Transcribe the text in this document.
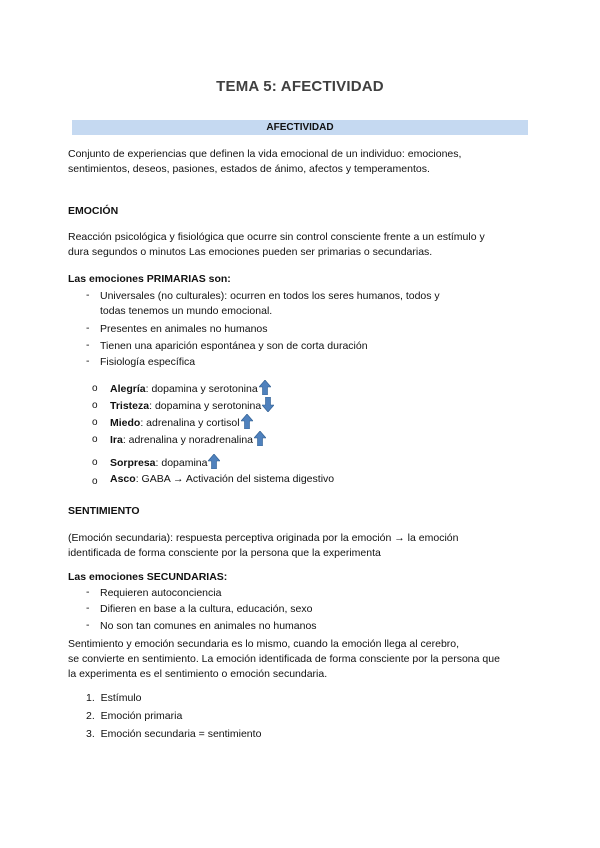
TEMA 5: AFECTIVIDAD
AFECTIVIDAD
Conjunto de experiencias que definen la vida emocional de un individuo: emociones,
sentimientos, deseos, pasiones, estados de ánimo, afectos y temperamentos.
EMOCIÓN
Reacción psicológica y fisiológica que ocurre sin control consciente frente a un estímulo y
dura segundos o minutos Las emociones pueden ser primarias o secundarias.
Las emociones PRIMARIAS son:
- Universales (no culturales): ocurren en todos los seres humanos, todos y
todas tenemos un mundo emocional.
- Presentes en animales no humanos
- Tienen una aparición espontánea y son de corta duración
- Fisiología específica
o Alegría: dopamina y serotonina
o Tristeza: dopamina y serotonina
o Miedo: adrenalina y cortisol
o Ira: adrenalina y noradrenalina
o Sorpresa: dopamina
o Asco: GABA → Activación del sistema digestivo
SENTIMIENTO
(Emoción secundaria): respuesta perceptiva originada por la emoción → la emoción
identificada de forma consciente por la persona que la experimenta
Las emociones SECUNDARIAS:
- Requieren autoconciencia
- Difieren en base a la cultura, educación, sexo
- No son tan comunes en animales no humanos
Sentimiento y emoción secundaria es lo mismo, cuando la emoción llega al cerebro,
se convierte en sentimiento. La emoción identificada de forma consciente por la persona que
la experimenta es el sentimiento o emoción secundaria.
1. Estímulo
2. Emoción primaria
3. Emoción secundaria = sentimiento
